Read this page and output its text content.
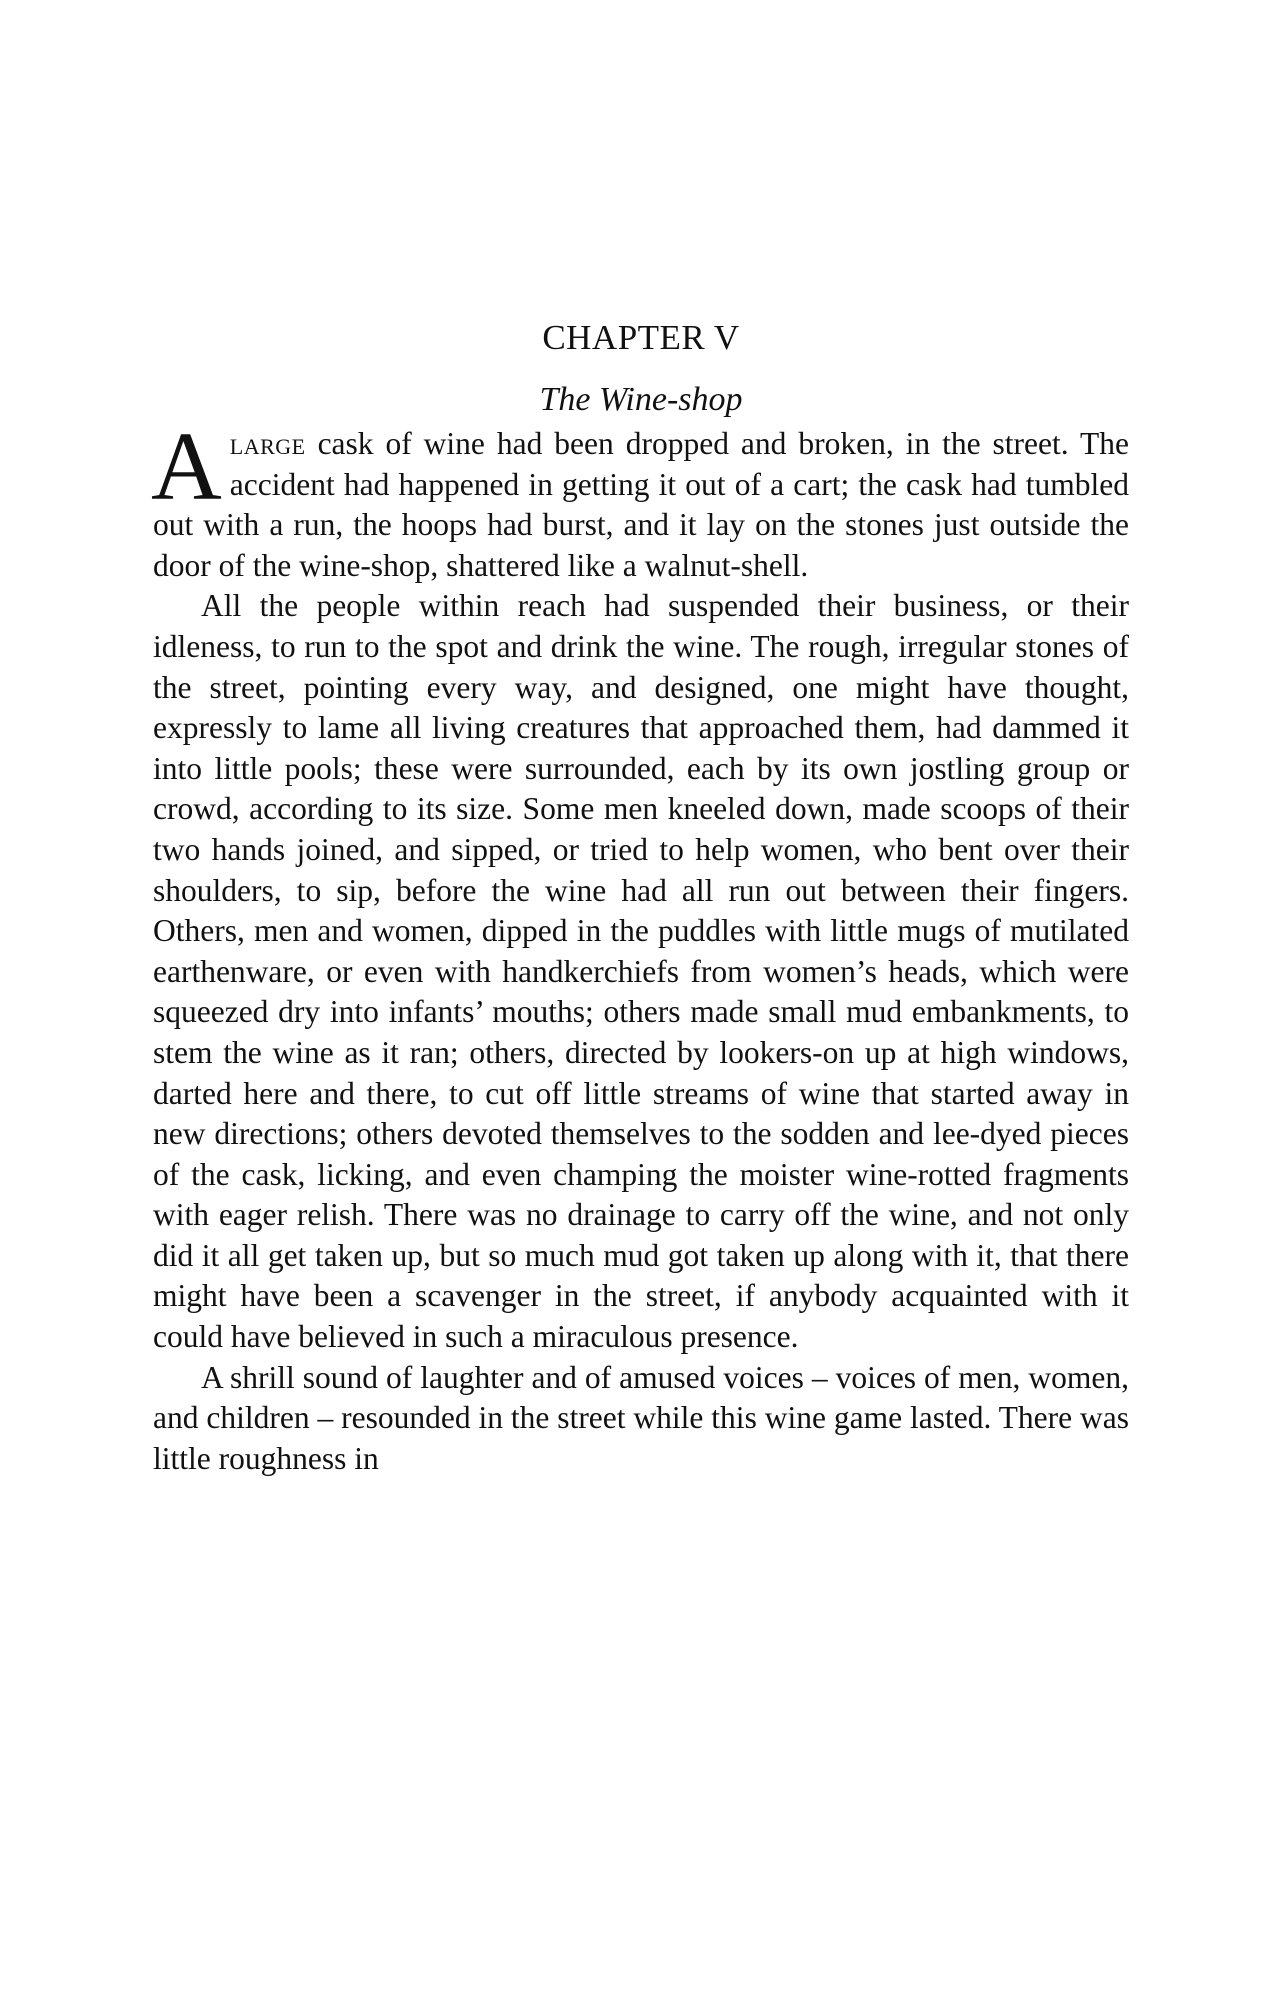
CHAPTER V
The Wine-shop

Alarge cask of wine had been dropped and broken, in the street. The accident had happened in getting it out of a cart; the cask had tumbled out with a run, the hoops had burst, and it lay on the stones just outside the door of the wine-shop, shattered like a walnut-shell.

All the people within reach had suspended their business, or their idleness, to run to the spot and drink the wine. The rough, irregular stones of the street, pointing every way, and designed, one might have thought, expressly to lame all living creatures that approached them, had dammed it into little pools; these were surrounded, each by its own jostling group or crowd, according to its size. Some men kneeled down, made scoops of their two hands joined, and sipped, or tried to help women, who bent over their shoulders, to sip, before the wine had all run out between their fingers. Others, men and women, dipped in the puddles with little mugs of mutilated earthenware, or even with handkerchiefs from women’s heads, which were squeezed dry into infants’ mouths; others made small mud embankments, to stem the wine as it ran; others, directed by lookers-on up at high windows, darted here and there, to cut off little streams of wine that started away in new directions; others devoted themselves to the sodden and lee-dyed pieces of the cask, licking, and even champing the moister wine-rotted fragments with eager relish. There was no drainage to carry off the wine, and not only did it all get taken up, but so much mud got taken up along with it, that there might have been a scavenger in the street, if anybody acquainted with it could have believed in such a miraculous presence.

A shrill sound of laughter and of amused voices – voices of men, women, and children – resounded in the street while this wine game lasted. There was little roughness in
